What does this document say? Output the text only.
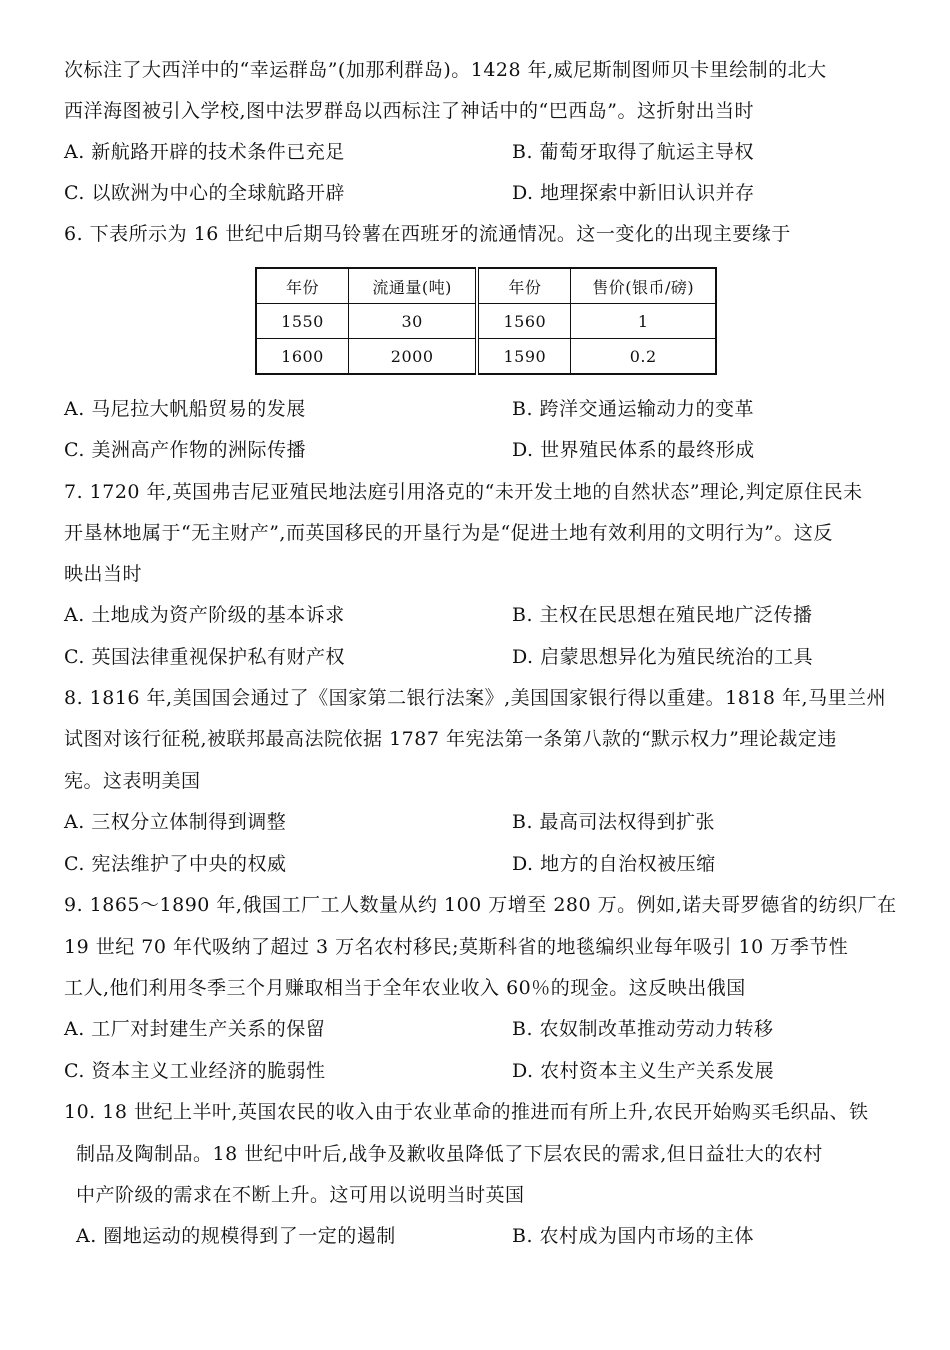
次标注了大西洋中的“幸运群岛”(加那利群岛)。1428 年,威尼斯制图师贝卡里绘制的北大
西洋海图被引入学校,图中法罗群岛以西标注了神话中的“巴西岛”。这折射出当时
A. 新航路开辟的技术条件已充足	B. 葡萄牙取得了航运主导权
C. 以欧洲为中心的全球航路开辟	D. 地理探索中新旧认识并存
6. 下表所示为 16 世纪中后期马铃薯在西班牙的流通情况。这一变化的出现主要缘于
年份	流通量(吨)	年份	售价(银币/磅)
1550	30	1560	1
1600	2000	1590	0.2
A. 马尼拉大帆船贸易的发展	B. 跨洋交通运输动力的变革
C. 美洲高产作物的洲际传播	D. 世界殖民体系的最终形成
7. 1720 年,英国弗吉尼亚殖民地法庭引用洛克的“未开发土地的自然状态”理论,判定原住民未
开垦林地属于“无主财产”,而英国移民的开垦行为是“促进土地有效利用的文明行为”。这反
映出当时
A. 土地成为资产阶级的基本诉求	B. 主权在民思想在殖民地广泛传播
C. 英国法律重视保护私有财产权	D. 启蒙思想异化为殖民统治的工具
8. 1816 年,美国国会通过了《国家第二银行法案》,美国国家银行得以重建。1818 年,马里兰州
试图对该行征税,被联邦最高法院依据 1787 年宪法第一条第八款的“默示权力”理论裁定违
宪。这表明美国
A. 三权分立体制得到调整	B. 最高司法权得到扩张
C. 宪法维护了中央的权威	D. 地方的自治权被压缩
9. 1865～1890 年,俄国工厂工人数量从约 100 万增至 280 万。例如,诺夫哥罗德省的纺织厂在
19 世纪 70 年代吸纳了超过 3 万名农村移民;莫斯科省的地毯编织业每年吸引 10 万季节性
工人,他们利用冬季三个月赚取相当于全年农业收入 60％的现金。这反映出俄国
A. 工厂对封建生产关系的保留	B. 农奴制改革推动劳动力转移
C. 资本主义工业经济的脆弱性	D. 农村资本主义生产关系发展
10. 18 世纪上半叶,英国农民的收入由于农业革命的推进而有所上升,农民开始购买毛织品、铁
制品及陶制品。18 世纪中叶后,战争及歉收虽降低了下层农民的需求,但日益壮大的农村
中产阶级的需求在不断上升。这可用以说明当时英国
A. 圈地运动的规模得到了一定的遏制	B. 农村成为国内市场的主体
